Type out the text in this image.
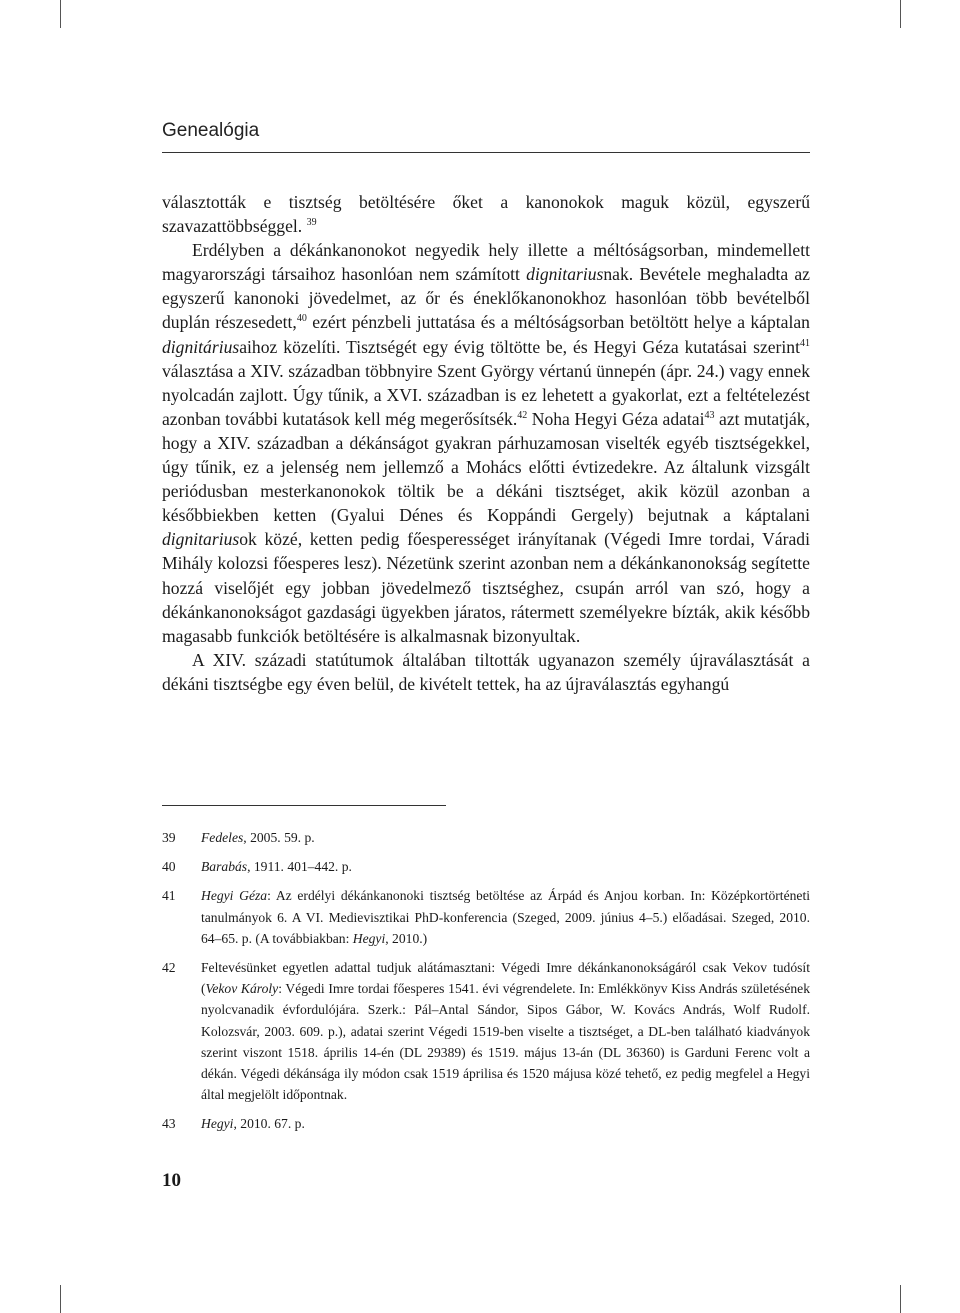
Genealógia

választották e tisztség betöltésére őket a kanonokok maguk közül, egyszerű szavazattöbbséggel. $^{39}$

Erdélyben a dékánkanonokot negyedik hely illette a méltóságsorban, mindemellett magyarországi társaihoz hasonlóan nem számított dignitariusnak. Bevétele meghaladta az egyszerű kanonoki jövedelmet, az őr és éneklőkanonokhoz hasonlóan több bevételből duplán részesedett,$^{40}$ ezért pénzbeli juttatása és a méltóságsorban betöltött helye a káptalan dignitáriusaihoz közelíti. Tisztségét egy évig töltötte be, és Hegyi Géza kutatásai szerint$^{41}$ választása a XIV. században többnyire Szent György vértanú ünnepén (ápr. 24.) vagy ennek nyolcadán zajlott. Úgy tűnik, a XVI. században is ez lehetett a gyakorlat, ezt a feltételezést azonban további kutatások kell még megerősítsék.$^{42}$ Noha Hegyi Géza adatai$^{43}$ azt mutatják, hogy a XIV. században a dékánságot gyakran párhuzamosan viselték egyéb tisztségekkel, úgy tűnik, ez a jelenség nem jellemző a Mohács előtti évtizedekre. Az általunk vizsgált periódusban mesterkanonokok töltik be a dékáni tisztséget, akik közül azonban a későbbiekben ketten (Gyalui Dénes és Koppándi Gergely) bejutnak a káptalani dignitariusok közé, ketten pedig főesperességet irányítanak (Végedi Imre tordai, Váradi Mihály kolozsi főesperes lesz). Nézetünk szerint azonban nem a dékánkanonokság segítette hozzá viselőjét egy jobban jövedelmező tisztséghez, csupán arról van szó, hogy a dékánkanonokságot gazdasági ügyekben járatos, rátermett személyekre bízták, akik később magasabb funkciók betöltésére is alkalmasnak bizonyultak.

A XIV. századi statútumok általában tiltották ugyanazon személy újraválasztását a dékáni tisztségbe egy éven belül, de kivételt tettek, ha az újraválasztás egyhangú

39	Fedeles, 2005. 59. p.
40	Barabás, 1911. 401–442. p.
41	Hegyi Géza: Az erdélyi dékánkanonoki tisztség betöltése az Árpád és Anjou korban. In: Középkortörténeti tanulmányok 6. A VI. Medievisztikai PhD-konferencia (Szeged, 2009. június 4–5.) előadásai. Szeged, 2010. 64–65. p. (A továbbiakban: Hegyi, 2010.)
42	Feltevésünket egyetlen adattal tudjuk alátámasztani: Végedi Imre dékánkanonokságáról csak Vekov tudósít (Vekov Károly: Végedi Imre tordai főesperes 1541. évi végrendelete. In: Emlékkönyv Kiss András születésének nyolcvanadik évfordulójára. Szerk.: Pál–Antal Sándor, Sipos Gábor, W. Kovács András, Wolf Rudolf. Kolozsvár, 2003. 609. p.), adatai szerint Végedi 1519-ben viselte a tisztséget, a DL-ben található kiadványok szerint viszont 1518. április 14-én (DL 29389) és 1519. május 13-án (DL 36360) is Garduni Ferenc volt a dékán. Végedi dékánsága ily módon csak 1519 áprilisa és 1520 májusa közé tehető, ez pedig megfelel a Hegyi által megjelölt időpontnak.
43	Hegyi, 2010. 67. p.
10
